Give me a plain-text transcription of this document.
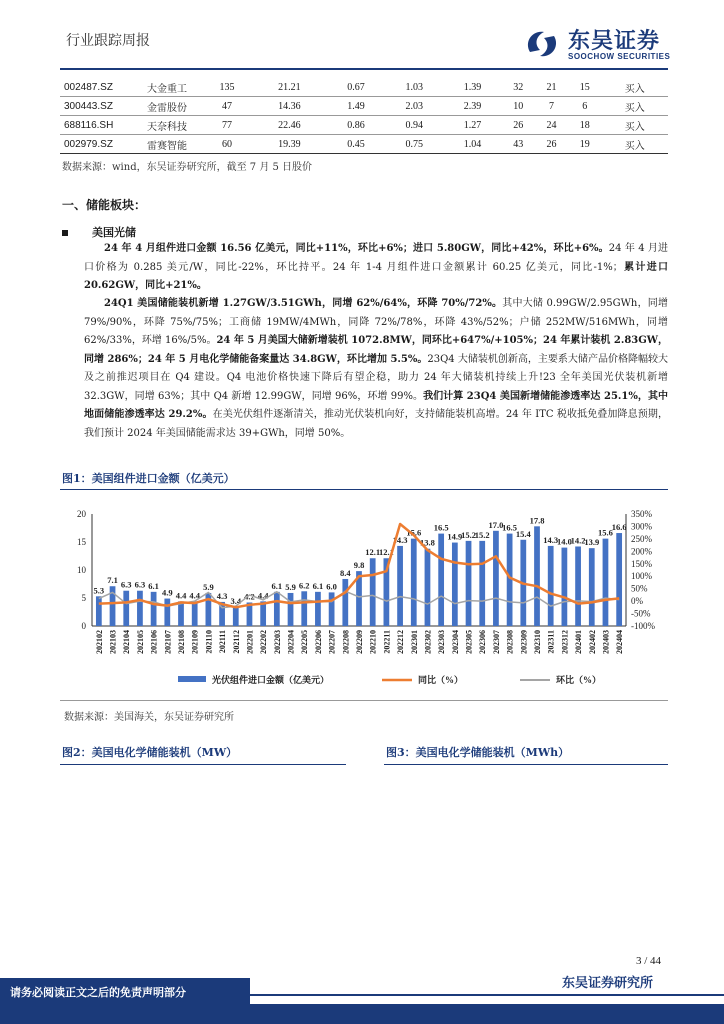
行业跟踪周报	东吴证券
SOOCHOW SECURITIES
002487.SZ	大金重工	135	21.21	0.67	1.03	1.39	32	21	15	买入
300443.SZ	金雷股份	47	14.36	1.49	2.03	2.39	10	7	6	买入
688116.SH	天奈科技	77	22.46	0.86	0.94	1.27	26	24	18	买入
002979.SZ	雷赛智能	60	19.39	0.45	0.75	1.04	43	26	19	买入
数据来源：wind，东吴证券研究所，截至 7 月 5 日股价
一、储能板块：
美国光储
24 年 4 月组件进口金额 16.56 亿美元，同比+11%，环比+6%；进口 5.80GW，同比+42%，环比+6%。24 年 4 月进口价格为 0.285 美元/W，同比-22%，环比持平。24 年 1-4 月组件进口金额累计 60.25 亿美元，同比-1%；累计进口 20.62GW，同比+21%。
24Q1 美国储能装机新增 1.27GW/3.51GWh，同增 62%/64%，环降 70%/72%。其中大储 0.99GW/2.95GWh，同增 79%/90%，环降 75%/75%；工商储 19MW/4MWh，同降 72%/78%，环降 43%/52%；户储 252MW/516MWh，同增 62%/33%，环增 16%/5%。24 年 5 月美国大储新增装机 1072.8MW，同环比+647%/+105%；24 年累计装机 2.83GW，同增 286%；24 年 5 月电化学储能备案量达 34.8GW，环比增加 5.5%。23Q4 大储装机创新高，主要系大储产品价格降幅较大及之前推迟项目在 Q4 建设。Q4 电池价格快速下降后有望企稳，助力 24 年大储装机持续上升!23 全年美国光伏装机新增 32.3GW，同增 63%；其中 Q4 新增 12.99GW，同增 96%，环增 99%。我们计算 23Q4 美国新增储能渗透率达 25.1%，其中地面储能渗透率达 29.2%。在美光伏组件逐渐清关，推动光伏装机向好，支持储能装机高增。24 年 ITC 税收抵免叠加降息预期，我们预计 2024 年美国储能需求达 39+GWh，同增 50%。
图1：美国组件进口金额（亿美元）
0
5
10
15
20
-100%
-50%
0%
50%
100%
150%
200%
250%
300%
350%
5.3
202102
7.1
202103
6.3
202104
6.3
202105
6.1
202106
4.9
202107
4.4
202108
4.4
202109
5.9
202110
4.3
202111
3.4
202112
4.2
202201
4.4
202202
6.1
202203
5.9
202204
6.2
202205
6.1
202206
6.0
202207
8.4
202208
9.8
202209
12.1
202210
12.1
202211
14.3
202212
15.6
202301
13.8
202302
16.5
202303
14.9
202304
15.2
202305
15.2
202306
17.0
202307
16.5
202308
15.4
202309
17.8
202310
14.3
202311
14.0
202312
14.2
202401
13.9
202402
15.6
202403
16.6
202404
光伏组件进口金额（亿美元）	同比（%）	环比（%）
数据来源：美国海关，东吴证券研究所
图2：美国电化学储能装机（MW）	图3：美国电化学储能装机（MWh）
3 / 44
东吴证券研究所
请务必阅读正文之后的免责声明部分
